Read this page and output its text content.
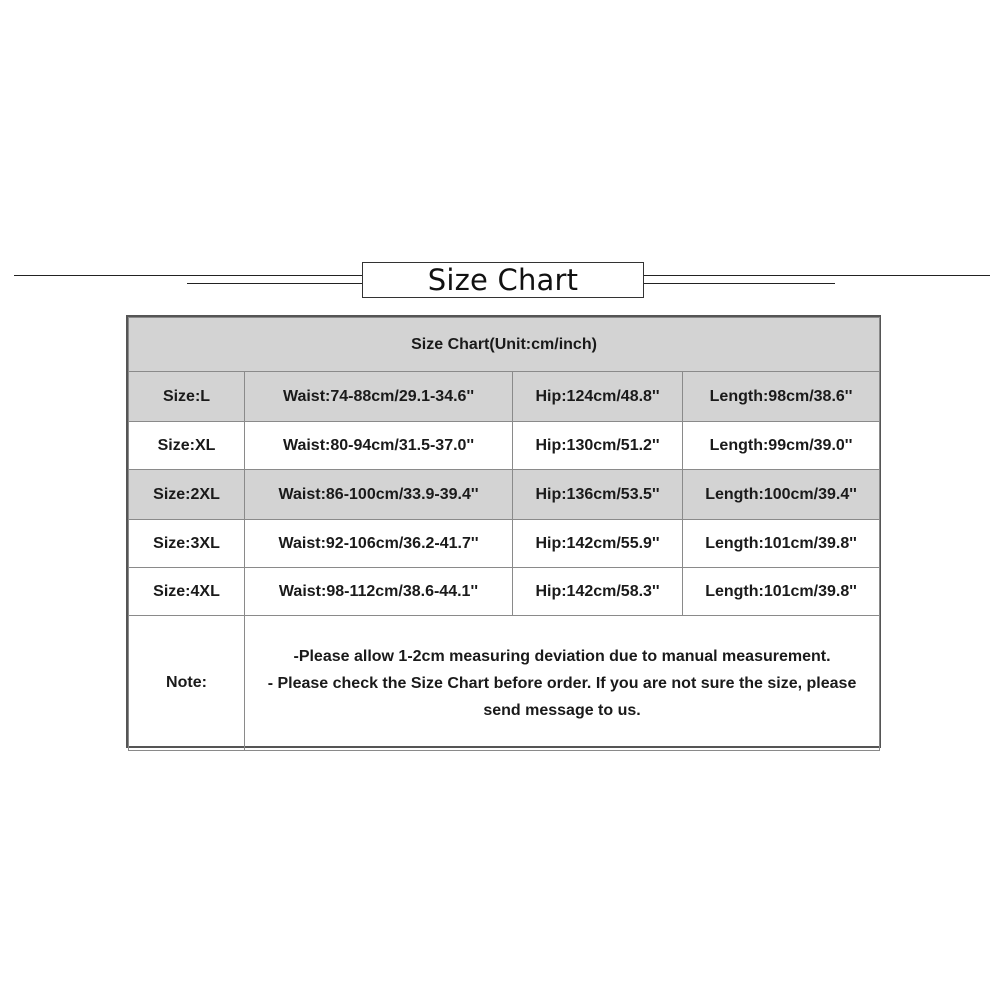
Size Chart
Size Chart(Unit:cm/inch)			
Size:L	Waist:74-88cm/29.1-34.6''	Hip:124cm/48.8''	Length:98cm/38.6''
Size:XL	Waist:80-94cm/31.5-37.0''	Hip:130cm/51.2''	Length:99cm/39.0''
Size:2XL	Waist:86-100cm/33.9-39.4''	Hip:136cm/53.5''	Length:100cm/39.4''
Size:3XL	Waist:92-106cm/36.2-41.7''	Hip:142cm/55.9''	Length:101cm/39.8''
Size:4XL	Waist:98-112cm/38.6-44.1''	Hip:142cm/58.3''	Length:101cm/39.8''
Note:	-Please allow 1-2cm measuring deviation due to manual measurement.
- Please check the Size Chart before order. If you are not sure the size, please send message to us.		
